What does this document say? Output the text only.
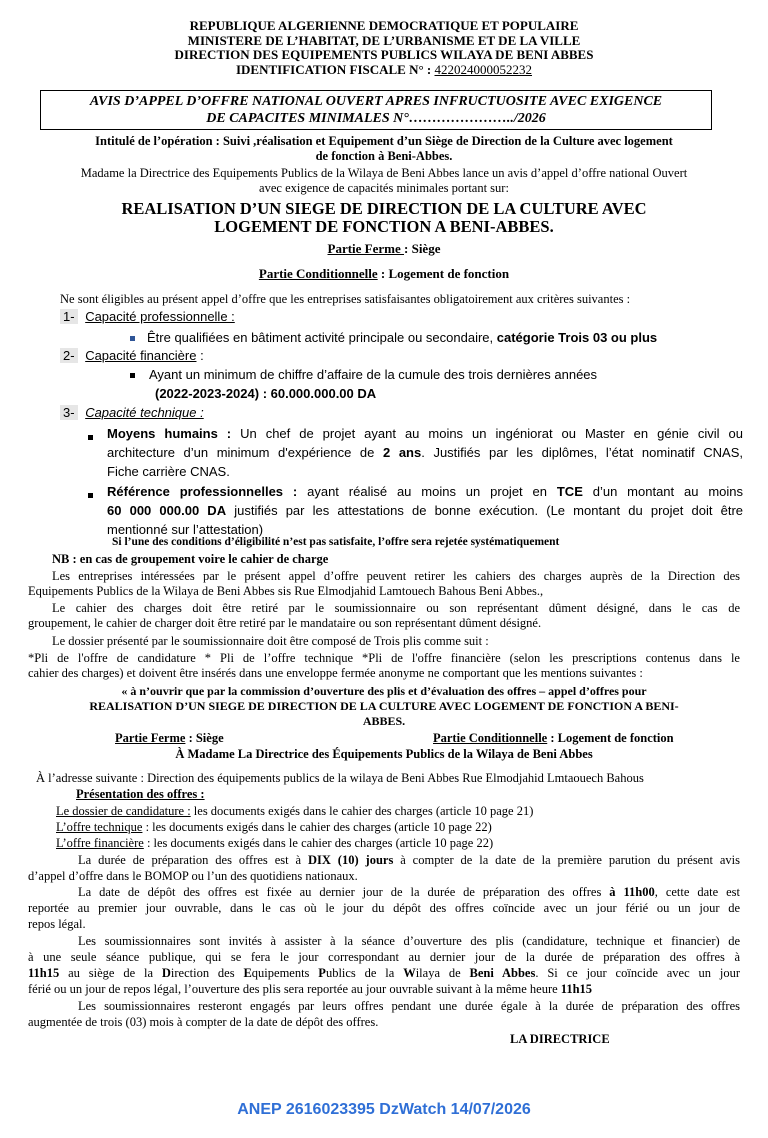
REPUBLIQUE ALGERIENNE DEMOCRATIQUE ET POPULAIRE
MINISTERE DE L’HABITAT, DE L’URBANISME ET DE LA VILLE
DIRECTION DES EQUIPEMENTS PUBLICS WILAYA DE BENI ABBES
IDENTIFICATION FISCALE N° : 422024000052232
AVIS D’APPEL D’OFFRE NATIONAL OUVERT APRES INFRUCTUOSITE AVEC EXIGENCE
DE CAPACITES MINIMALES N°…………………../2026
Intitulé de l’opération : Suivi ,réalisation et Equipement d’un Siège de Direction de la Culture avec logement
de fonction à Beni-Abbes.
Madame la Directrice des Equipements Publics de la Wilaya de Beni Abbes lance un avis d’appel d’offre national Ouvert
avec exigence de capacités minimales portant sur:
REALISATION D’UN SIEGE DE DIRECTION DE LA CULTURE AVEC
LOGEMENT DE FONCTION A BENI-ABBES.
Partie Ferme : Siège
Partie Conditionnelle : Logement de fonction
Ne sont éligibles au présent appel d’offre que les entreprises satisfaisantes obligatoirement aux critères suivantes :
1- Capacité professionnelle :
Être qualifiées en bâtiment activité principale ou secondaire, catégorie Trois 03 ou plus
2- Capacité financière :
Ayant un minimum de chiffre d’affaire de la cumule des trois dernières années
(2022-2023-2024) : 60.000.000.00 DA
3- Capacité technique :
Moyens humains : Un chef de projet ayant au moins un ingéniorat ou Master en génie civil ou
architecture d’un minimum d'expérience de 2 ans. Justifiés par les diplômes, l’état nominatif CNAS,
Fiche carrière CNAS.
Référence professionnelles : ayant réalisé au moins un projet en TCE d’un montant au moins
60 000 000.00 DA justifiés par les attestations de bonne exécution. (Le montant du projet doit être
mentionné sur l’attestation)
Si l’une des conditions d’éligibilité n’est pas satisfaite, l’offre sera rejetée systématiquement
NB : en cas de groupement voire le cahier de charge
Les entreprises intéressées par le présent appel d’offre peuvent retirer les cahiers des charges auprès de la Direction des
Equipements Publics de la Wilaya de Beni Abbes sis Rue Elmodjahid Lamtouech Bahous Beni Abbes.,
Le cahier des charges doit être retiré par le soumissionnaire ou son représentant dûment désigné, dans le cas de
groupement, le cahier de charger doit être retiré par le mandataire ou son représentant dûment désigné.
Le dossier présenté par le soumissionnaire doit être composé de Trois plis comme suit :
*Pli de l'offre de candidature * Pli de l’offre technique *Pli de l'offre financière (selon les prescriptions contenus dans le
cahier des charges) et doivent être insérés dans une enveloppe fermée anonyme ne comportant que les mentions suivantes :
« à n’ouvrir que par la commission d’ouverture des plis et d’évaluation des offres – appel d’offres pour
REALISATION D’UN SIEGE DE DIRECTION DE LA CULTURE AVEC LOGEMENT DE FONCTION A BENI-
ABBES.
Partie Ferme : Siège	Partie Conditionnelle : Logement de fonction
À Madame La Directrice des Équipements Publics de la Wilaya de Beni Abbes
À l’adresse suivante : Direction des équipements publics de la wilaya de Beni Abbes Rue Elmodjahid Lmtaouech Bahous
Présentation des offres :
Le dossier de candidature : les documents exigés dans le cahier des charges (article 10 page 21)
L’offre technique : les documents exigés dans le cahier des charges (article 10 page 22)
L’offre financière : les documents exigés dans le cahier des charges (article 10 page 22)
La durée de préparation des offres est à DIX (10) jours à compter de la date de la première parution du présent avis
d’appel d’offre dans le BOMOP ou l’un des quotidiens nationaux.
La date de dépôt des offres est fixée au dernier jour de la durée de préparation des offres à 11h00, cette date est
reportée au premier jour ouvrable, dans le cas où le jour du dépôt des offres coïncide avec un jour férié ou un jour de
repos légal.
Les soumissionnaires sont invités à assister à la séance d’ouverture des plis (candidature, technique et financier) de
à une seule séance publique, qui se fera le jour correspondant au dernier jour de la durée de préparation des offres à
11h15 au siège de la Direction des Equipements Publics de la Wilaya de Beni Abbes. Si ce jour coïncide avec un jour
férié ou un jour de repos légal, l’ouverture des plis sera reportée au jour ouvrable suivant à la même heure 11h15
Les soumissionnaires resteront engagés par leurs offres pendant une durée égale à la durée de préparation des offres
augmentée de trois (03) mois à compter de la date de dépôt des offres.
LA DIRECTRICE
ANEP 2616023395 DzWatch 14/07/2026
